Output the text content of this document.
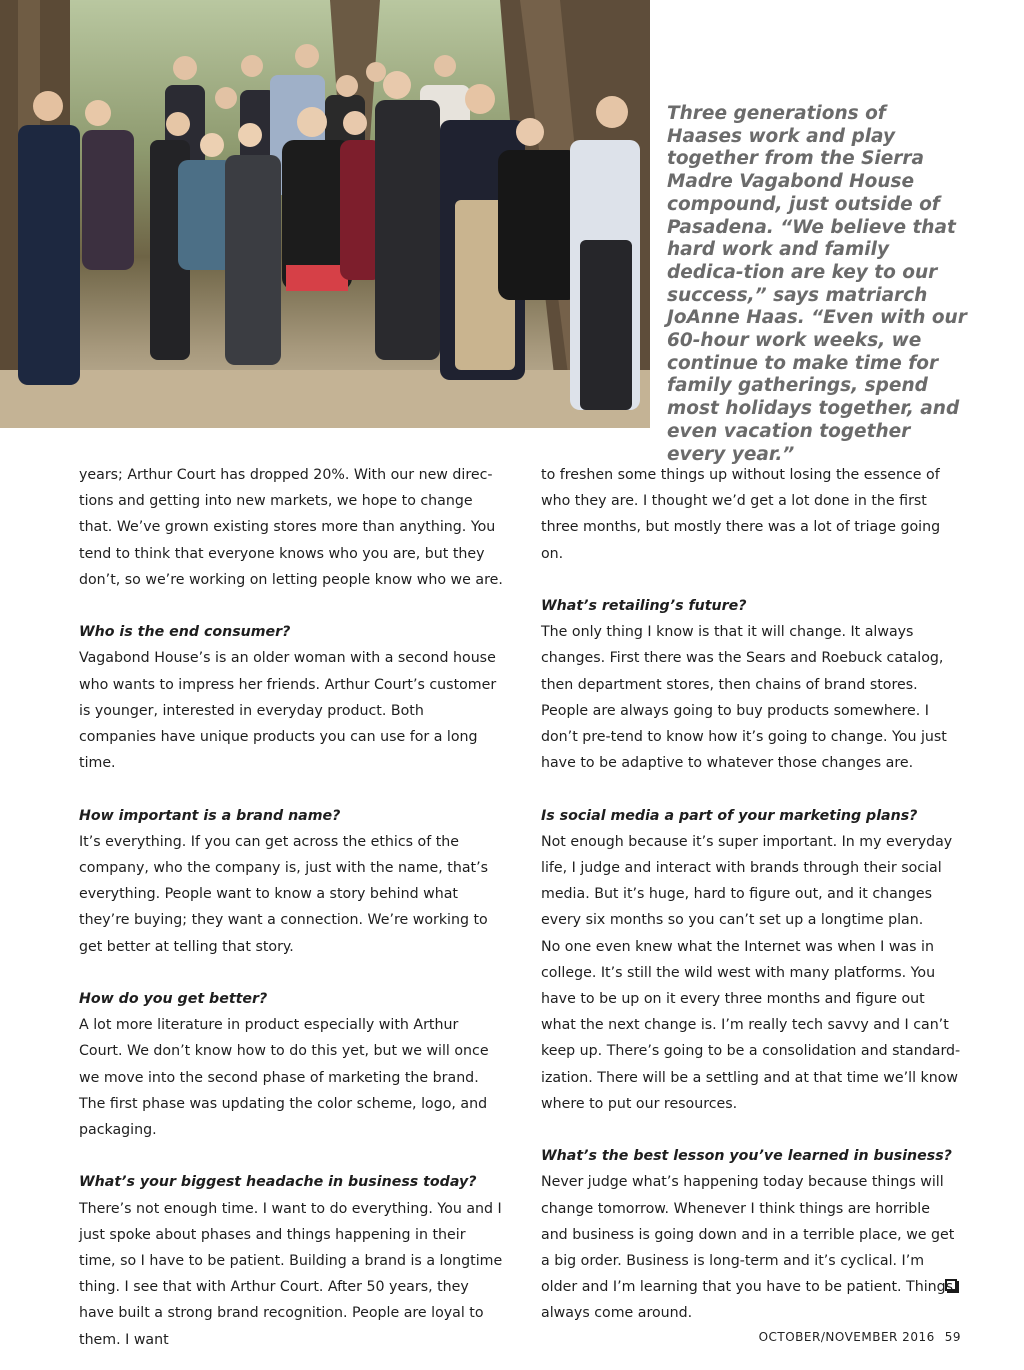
Three generations of Haases work and play together from the Sierra Madre Vagabond House compound, just outside of Pasadena. “We believe that hard work and family dedica-tion are key to our success,” says matriarch JoAnne Haas. “Even with our 60-hour work weeks, we continue to make time for family gatherings, spend most holidays together, and even vacation together every year.”

years; Arthur Court has dropped 20%. With our new direc-tions and getting into new markets, we hope to change that. We’ve grown existing stores more than anything. You tend to think that everyone knows who you are, but they don’t, so we’re working on letting people know who we are.

Who is the end consumer?

Vagabond House’s is an older woman with a second house who wants to impress her friends. Arthur Court’s customer is younger, interested in everyday product. Both companies have unique products you can use for a long time.

How important is a brand name?

It’s everything. If you can get across the ethics of the company, who the company is, just with the name, that’s everything. People want to know a story behind what they’re buying; they want a connection. We’re working to get better at telling that story.

How do you get better?

A lot more literature in product especially with Arthur Court. We don’t know how to do this yet, but we will once we move into the second phase of marketing the brand. The first phase was updating the color scheme, logo, and packaging.

What’s your biggest headache in business today?

There’s not enough time. I want to do everything. You and I just spoke about phases and things happening in their time, so I have to be patient. Building a brand is a longtime thing. I see that with Arthur Court. After 50 years, they have built a strong brand recognition. People are loyal to them. I want

to freshen some things up without losing the essence of who they are. I thought we’d get a lot done in the first three months, but mostly there was a lot of triage going on.

What’s retailing’s future?

The only thing I know is that it will change. It always changes. First there was the Sears and Roebuck catalog, then department stores, then chains of brand stores. People are always going to buy products somewhere. I don’t pre-tend to know how it’s going to change. You just have to be adaptive to whatever those changes are.

Is social media a part of your marketing plans?

Not enough because it’s super important. In my everyday life, I judge and interact with brands through their social media. But it’s huge, hard to figure out, and it changes every six months so you can’t set up a longtime plan.

No one even knew what the Internet was when I was in college. It’s still the wild west with many platforms. You have to be up on it every three months and figure out what the next change is. I’m really tech savvy and I can’t keep up. There’s going to be a consolidation and standard-ization. There will be a settling and at that time we’ll know where to put our resources.

What’s the best lesson you’ve learned in business?

Never judge what’s happening today because things will change tomorrow. Whenever I think things are horrible and business is going down and in a terrible place, we get a big order. Business is long-term and it’s cyclical. I’m older and I’m learning that you have to be patient. Things always come around.

OCTOBER/NOVEMBER 2016 59
